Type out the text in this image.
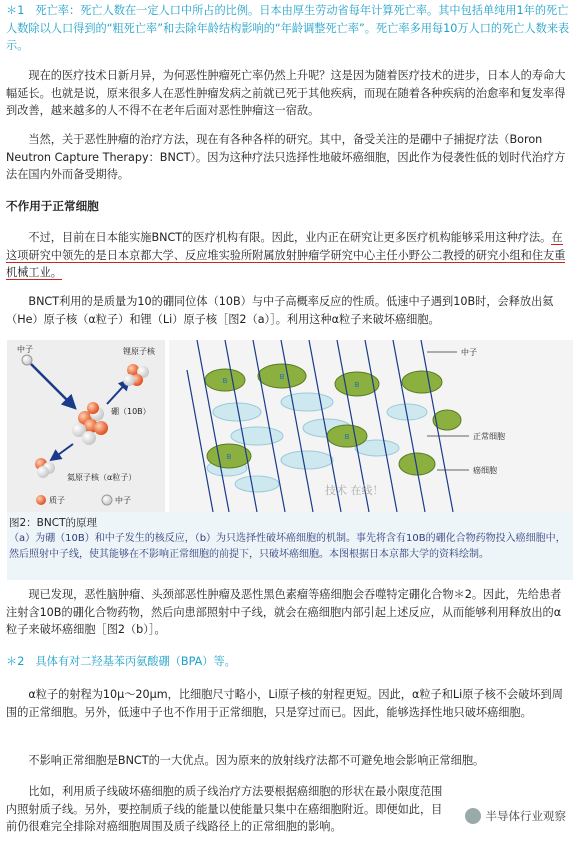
＊1　死亡率：死亡人数在一定人口中所占的比例。日本由厚生劳动省每年计算死亡率。其中包括单纯用1年的死亡人数除以人口得到的“粗死亡率”和去除年龄结构影响的“年龄调整死亡率”。死亡率多用每10万人口的死亡人数来表示。

现在的医疗技术日新月异，为何恶性肿瘤死亡率仍然上升呢？这是因为随着医疗技术的进步，日本人的寿命大幅延长。也就是说，原来很多人在恶性肿瘤发病之前就已死于其他疾病，而现在随着各种疾病的治愈率和复发率得到改善，越来越多的人不得不在老年后面对恶性肿瘤这一宿敌。

当然，关于恶性肿瘤的治疗方法，现在有各种各样的研究。其中，备受关注的是硼中子捕捉疗法（Boron Neutron Capture Therapy：BNCT）。因为这种疗法只选择性地破坏癌细胞，因此作为侵袭性低的划时代治疗方法在国内外而备受期待。

不作用于正常细胞

不过，目前在日本能实施BNCT的医疗机构有限。因此，业内正在研究让更多医疗机构能够采用这种疗法。在这项研究中领先的是日本京都大学、反应堆实验所附属放射肿瘤学研究中心主任小野公二教授的研究小组和住友重机械工业。

BNCT利用的是质量为10的硼同位体（10B）与中子高概率反应的性质。低速中子遇到10B时，会释放出氦（He）原子核（α粒子）和锂（Li）原子核［图2（a）］。利用这种α粒子来破坏癌细胞。

中子	锂原子核
硼（10B）
氦原子核（α粒子）
质子	中子
B	B
B
B
B
中子
正常细胞
癌细胞
技术 在线！
图2：BNCT的原理
（a）为硼（10B）和中子发生的核反应，（b）为只选择性破坏癌细胞的机制。事先将含有10B的硼化合物药物投入癌细胞中，然后照射中子线，使其能够在不影响正常细胞的前提下，只破坏癌细胞。本图根据日本京都大学的资料绘制。

现已发现，恶性脑肿瘤、头颈部恶性肿瘤及恶性黑色素瘤等癌细胞会吞噬特定硼化合物＊2。因此，先给患者注射含10B的硼化合物药物，然后向患部照射中子线，就会在癌细胞内部引起上述反应，从而能够利用释放出的α粒子来破坏癌细胞［图2（b）］。

＊2　具体有对二羟基苯丙氨酸硼（BPA）等。

α粒子的射程为10μ～20μm，比细胞尺寸略小，Li原子核的射程更短。因此，α粒子和Li原子核不会破坏到周围的正常细胞。另外，低速中子也不作用于正常细胞，只是穿过而已。因此，能够选择性地只破坏癌细胞。

不影响正常细胞是BNCT的一大优点。因为原来的放射线疗法都不可避免地会影响正常细胞。

比如，利用质子线破坏癌细胞的质子线治疗方法要根据癌细胞的形状在最小限度范围内照射质子线。另外，要控制质子线的能量以使能量只集中在癌细胞附近。即便如此，目前仍很难完全排除对癌细胞周围及质子线路径上的正常细胞的影响。

半导体行业观察
